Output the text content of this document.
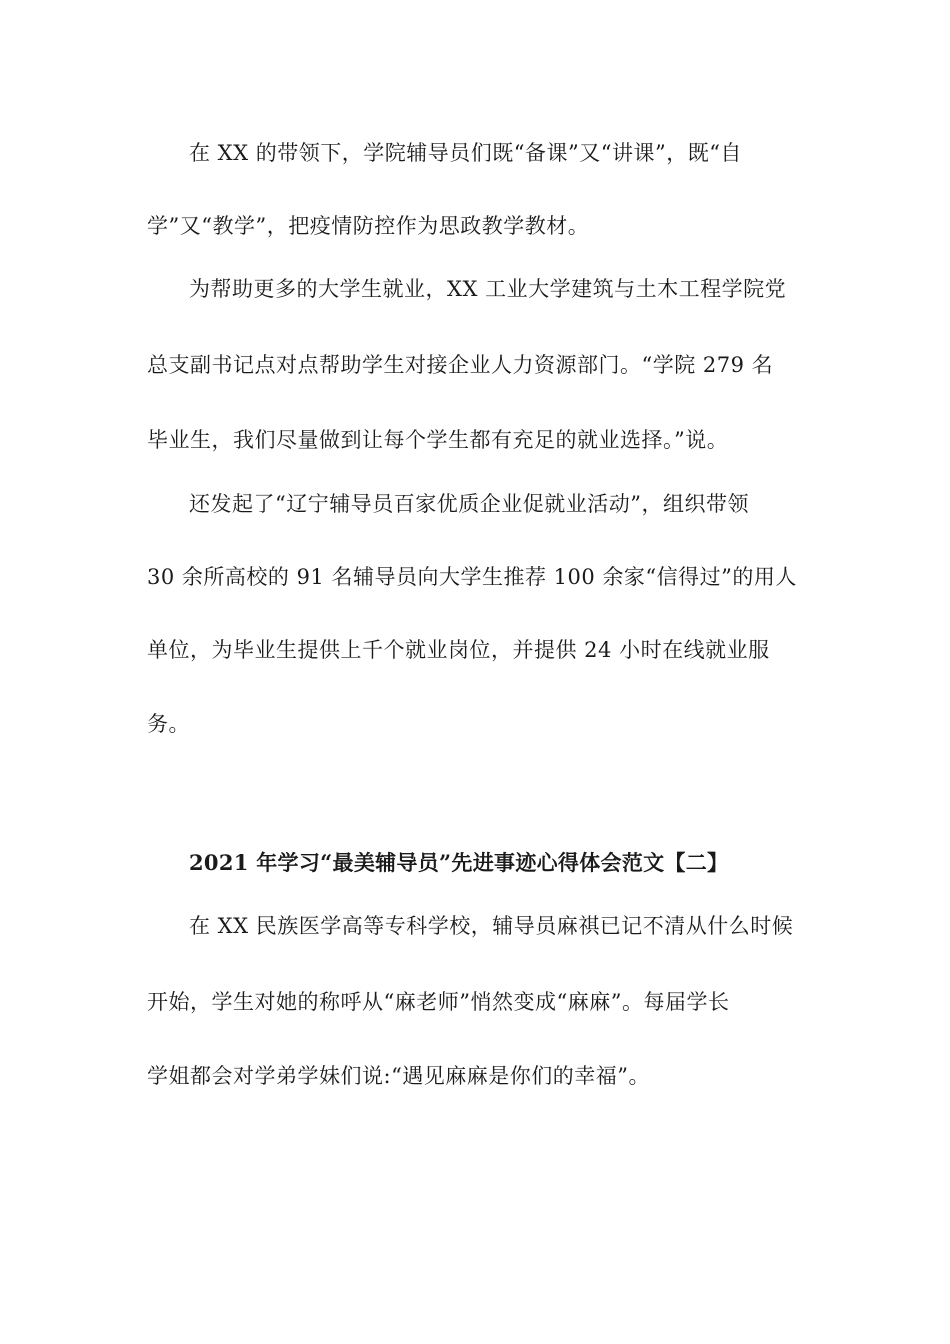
在 XX 的带领下，学院辅导员们既“备课”又“讲课”，既“自
学”又“教学”，把疫情防控作为思政教学教材。
为帮助更多的大学生就业，XX 工业大学建筑与土木工程学院党
总支副书记点对点帮助学生对接企业人力资源部门。“学院 279 名
毕业生，我们尽量做到让每个学生都有充足的就业选择。”说。
还发起了“辽宁辅导员百家优质企业促就业活动”，组织带领
30 余所高校的 91 名辅导员向大学生推荐 100 余家“信得过”的用人
单位，为毕业生提供上千个就业岗位，并提供 24 小时在线就业服
务。
2021 年学习“最美辅导员”先进事迹心得体会范文【二】
在 XX 民族医学高等专科学校，辅导员麻祺已记不清从什么时候
开始，学生对她的称呼从“麻老师”悄然变成“麻麻”。每届学长
学姐都会对学弟学妹们说:“遇见麻麻是你们的幸福”。
